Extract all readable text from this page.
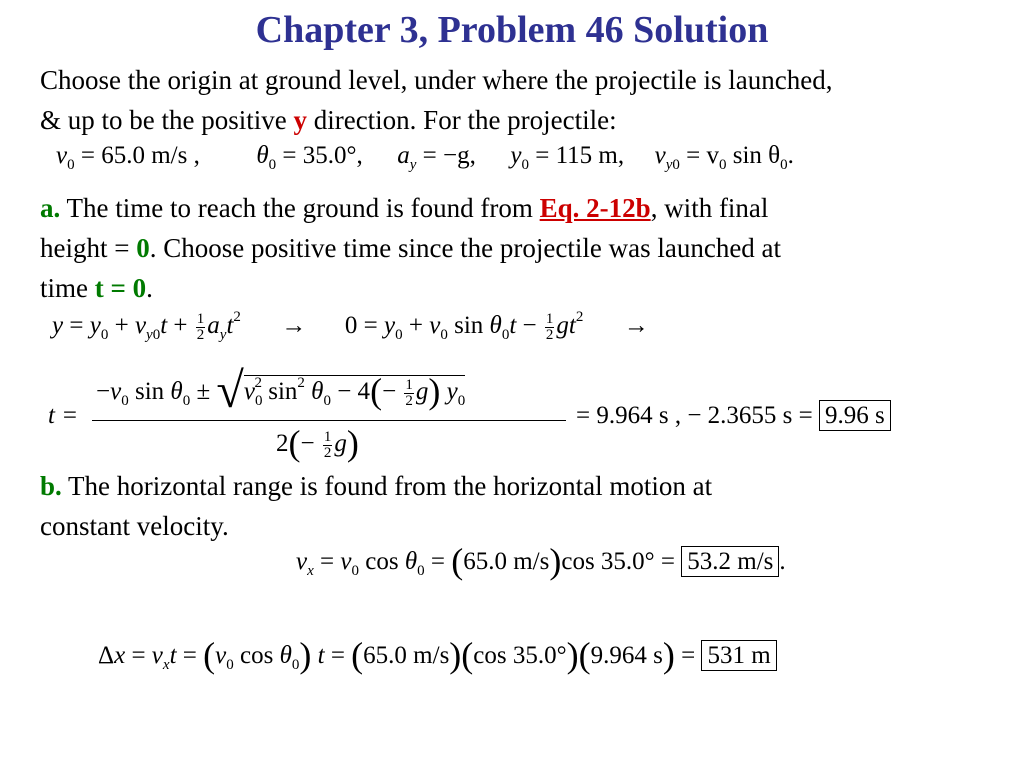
Chapter 3, Problem 46 Solution
Choose the origin at ground level, under where the projectile is launched,
& up to be the positive y direction. For the projectile:
$v_0 = 65.0$ m/s , $\theta_0 = 35.0^\circ$, $a_y = -g$, $y_0 = 115$ m, $v_{y0} = v_0$ $\sin \theta_0$.
a. The time to reach the ground is found from Eq. 2-12b, with final
height = 0. Choose positive time since the projectile was launched at
time t = 0.
$y = y_0 + v_{y0}t + \frac{1}{2} a_yt^2 \to 0 = y_0 + v_0$ $\sin \theta_0t - \frac{1}{2} gt^2$ →
t =
$-v_0$ $\sin \theta_0 \pm √v_0^2$ $\sin^2 \theta_0 - 4(- \frac{1}{2} g)$ $y_0$
$2(- \frac{1}{2} g)$
= 9.964 s , − 2.3655 s = 9.96 s
b. The horizontal range is found from the horizontal motion at
constant velocity.
$v_x = v_0$ $\cos \theta_0 = (65.0$ m/s)cos 35.0° = 53.2 m/s .
$\Delta x = v_xt = (v_0$ $\cos \theta_0$) t = (65.0 m/s)(cos 35.0°)(9.964 s) = 531 m
